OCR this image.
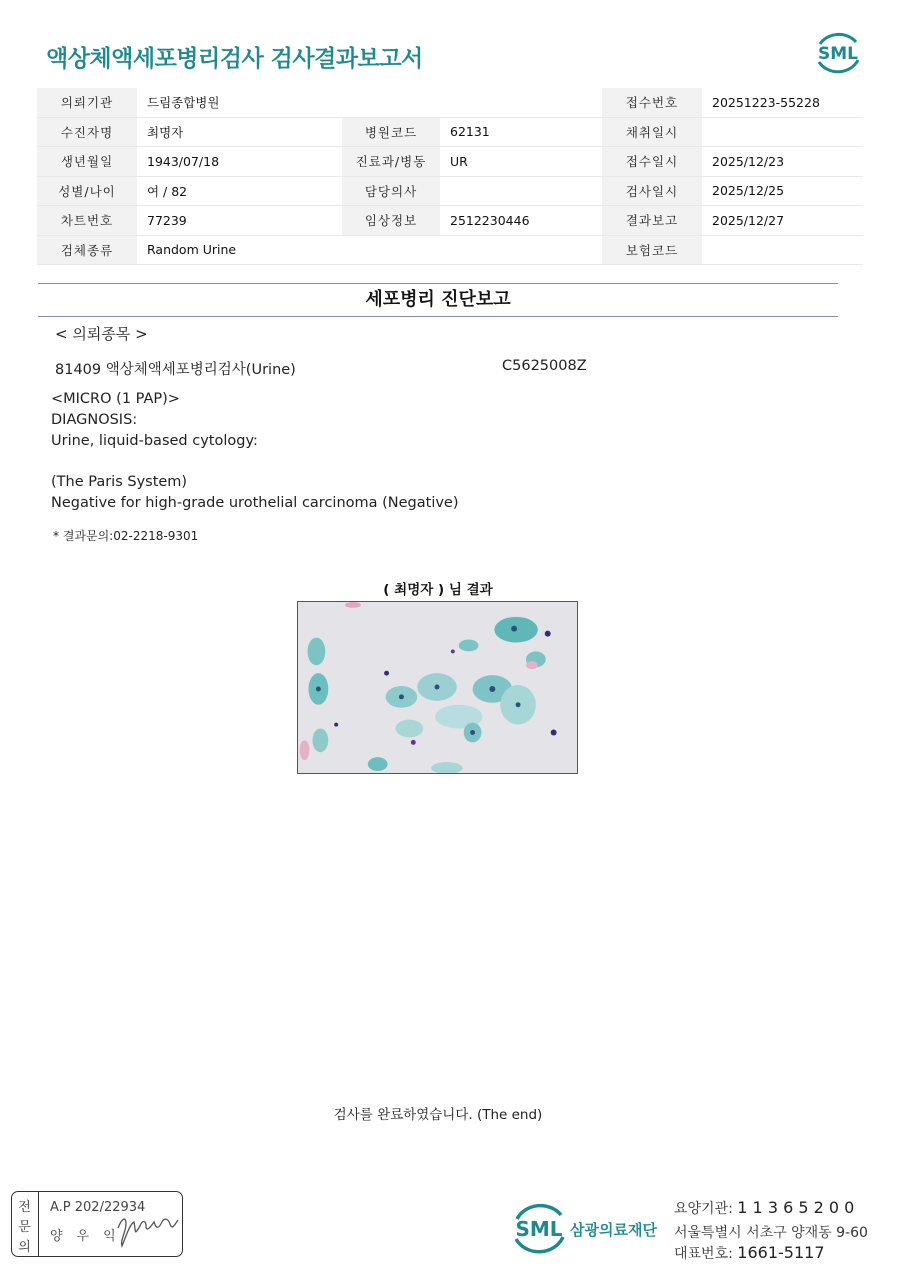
액상체액세포병리검사 검사결과보고서	SML
의뢰기관	드림종합병원			접수번호	20251223-55228
수진자명	최명자	병원코드	62131	채취일시	
생년월일	1943/07/18	진료과/병동	UR	접수일시	2025/12/23
성별/나이	여 / 82	담당의사		검사일시	2025/12/25
차트번호	77239	임상정보	2512230446	결과보고	2025/12/27
검체종류	Random Urine			보험코드	
세포병리 진단보고
< 의뢰종목 >
81409 액상체액세포병리검사(Urine)	C5625008Z
<MICRO (1 PAP)>
DIAGNOSIS:
Urine, liquid-based cytology:
(The Paris System)
Negative for high-grade urothelial carcinoma (Negative)
* 결과문의:02-2218-9301
( 최명자 ) 님 결과
검사를 완료하였습니다. (The end)
전
문
의
A.P 202/22934
양우익	SML 삼광의료재단
요양기관: 1 1 3 6 5 2 0 0
서울특별시 서초구 양재동 9-60
대표번호: 1661-5117
